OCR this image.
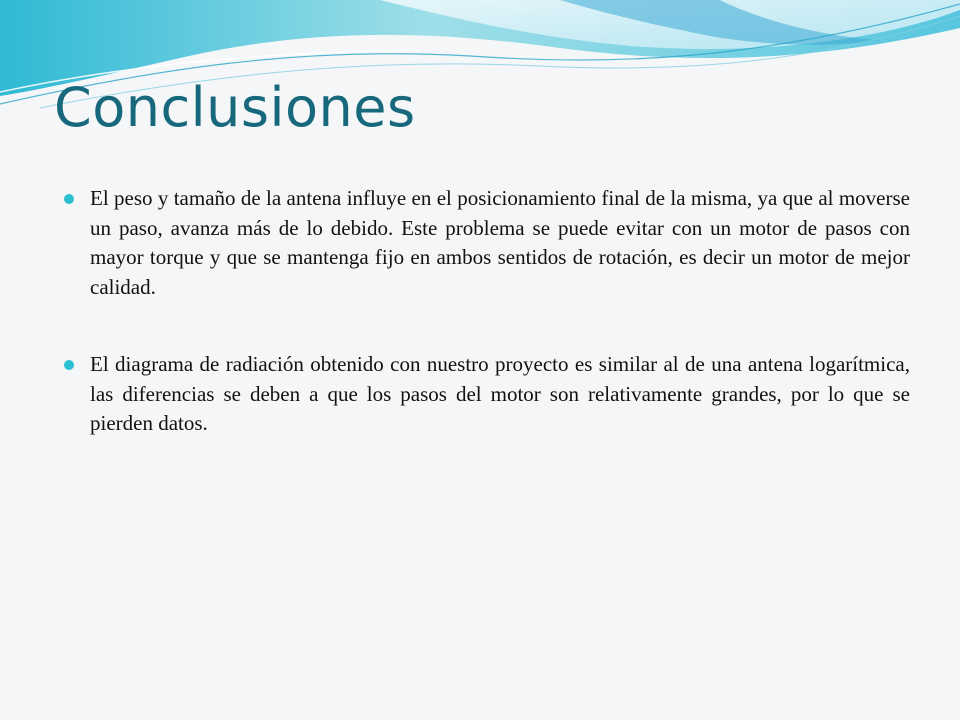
Conclusiones
El peso y tamaño de la antena influye en el posicionamiento final de la misma, ya que al moverse un paso, avanza más de lo debido. Este problema se puede evitar con un motor de pasos con mayor torque y que se mantenga fijo en ambos sentidos de rotación, es decir un motor de mejor calidad.
El diagrama de radiación obtenido con nuestro proyecto es similar al de una antena logarítmica, las diferencias se deben a que los pasos del motor son relativamente grandes, por lo que se pierden datos.
